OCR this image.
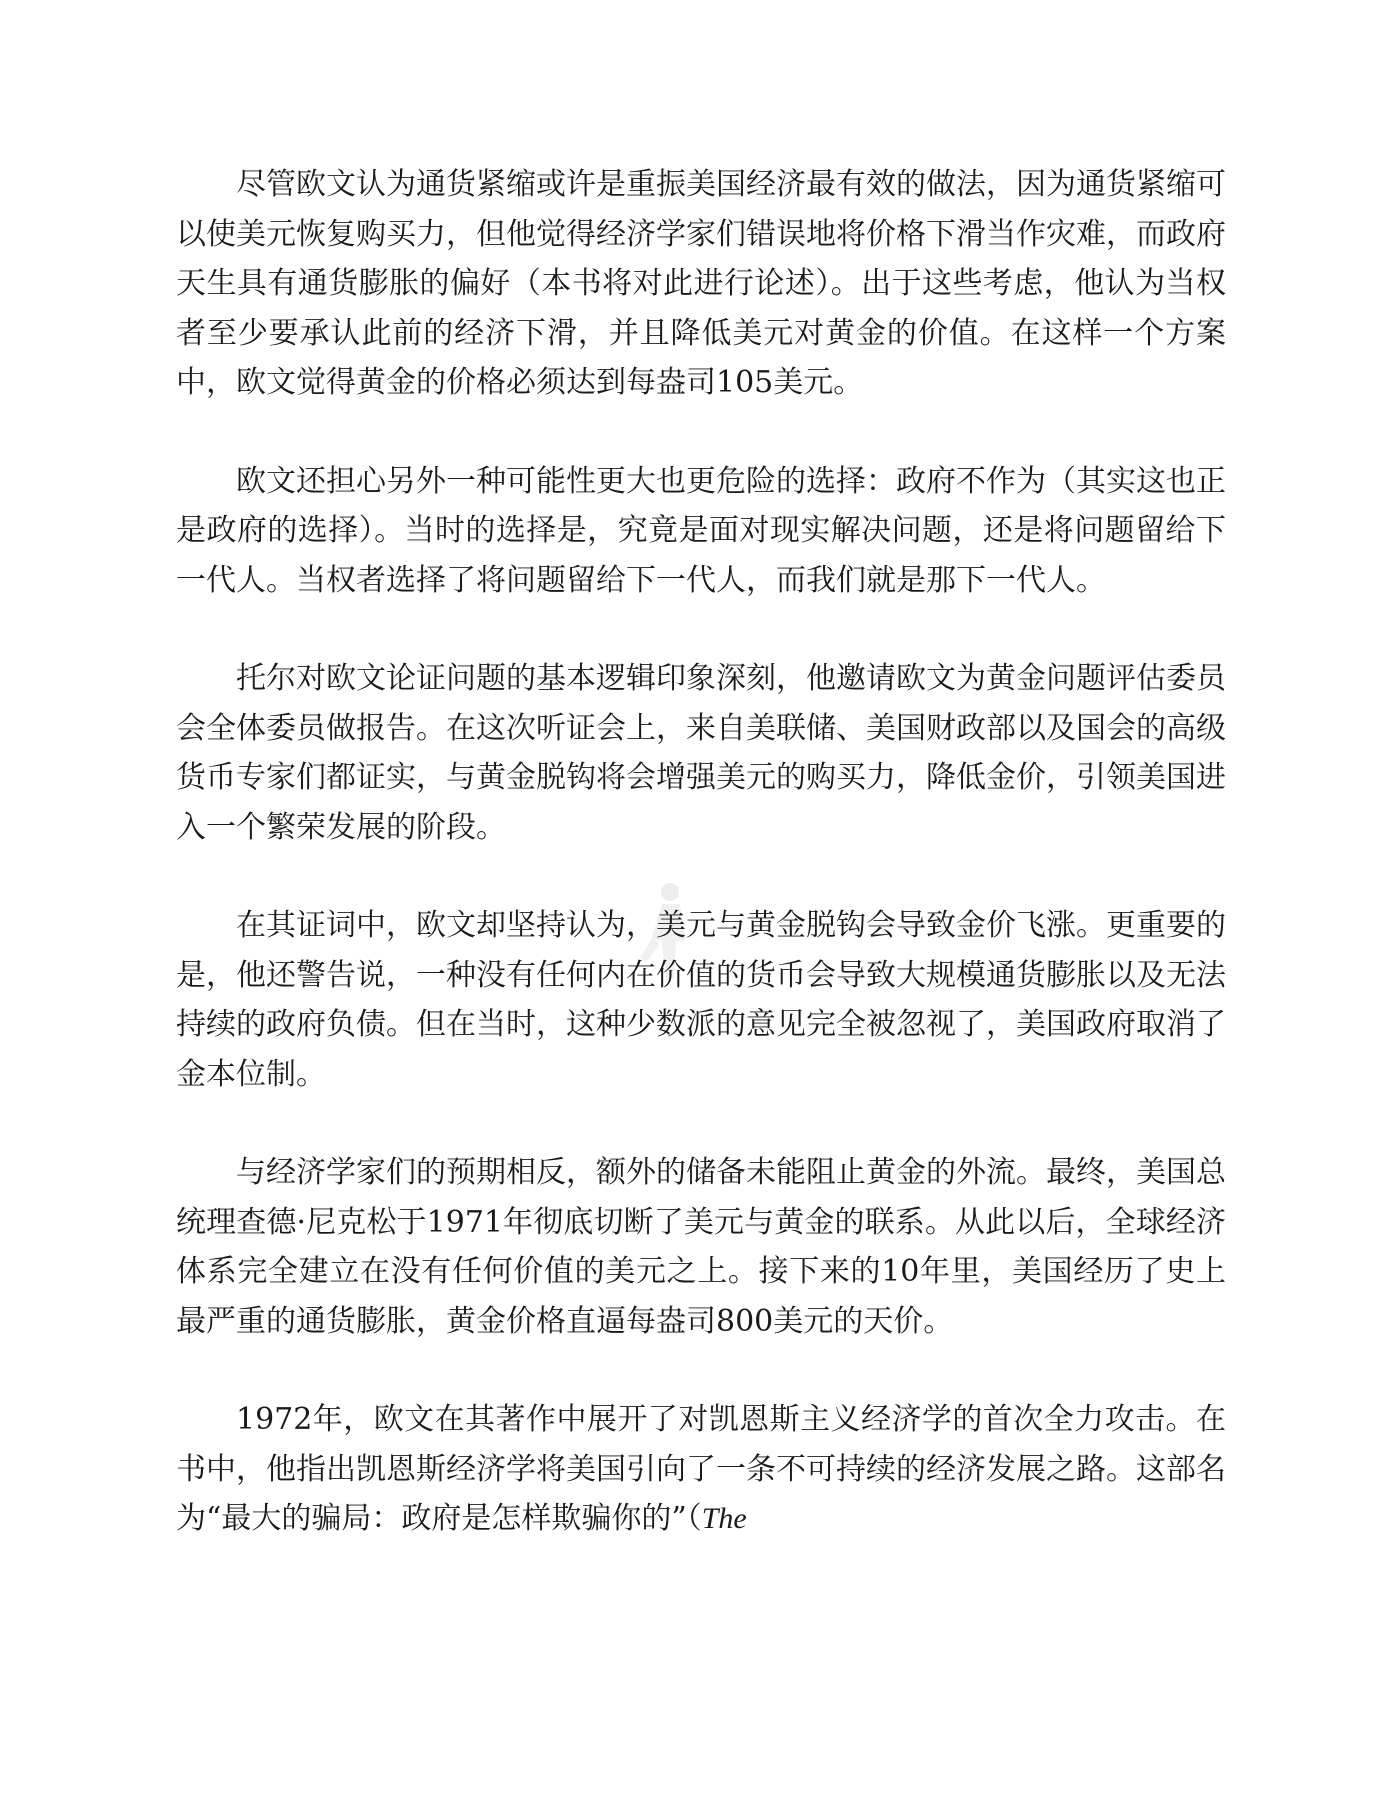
尽管欧文认为通货紧缩或许是重振美国经济最有效的做法，因为通货紧缩可以使美元恢复购买力，但他觉得经济学家们错误地将价格下滑当作灾难，而政府天生具有通货膨胀的偏好（本书将对此进行论述）。出于这些考虑，他认为当权者至少要承认此前的经济下滑，并且降低美元对黄金的价值。在这样一个方案中，欧文觉得黄金的价格必须达到每盎司105美元。

欧文还担心另外一种可能性更大也更危险的选择：政府不作为（其实这也正是政府的选择）。当时的选择是，究竟是面对现实解决问题，还是将问题留给下一代人。当权者选择了将问题留给下一代人，而我们就是那下一代人。

托尔对欧文论证问题的基本逻辑印象深刻，他邀请欧文为黄金问题评估委员会全体委员做报告。在这次听证会上，来自美联储、美国财政部以及国会的高级货币专家们都证实，与黄金脱钩将会增强美元的购买力，降低金价，引领美国进入一个繁荣发展的阶段。

在其证词中，欧文却坚持认为，美元与黄金脱钩会导致金价飞涨。更重要的是，他还警告说，一种没有任何内在价值的货币会导致大规模通货膨胀以及无法持续的政府负债。但在当时，这种少数派的意见完全被忽视了，美国政府取消了金本位制。

与经济学家们的预期相反，额外的储备未能阻止黄金的外流。最终，美国总统理查德·尼克松于1971年彻底切断了美元与黄金的联系。从此以后，全球经济体系完全建立在没有任何价值的美元之上。接下来的10年里，美国经历了史上最严重的通货膨胀，黄金价格直逼每盎司800美元的天价。

1972年，欧文在其著作中展开了对凯恩斯主义经济学的首次全力攻击。在书中，他指出凯恩斯经济学将美国引向了一条不可持续的经济发展之路。这部名为“最大的骗局：政府是怎样欺骗你的”（The
